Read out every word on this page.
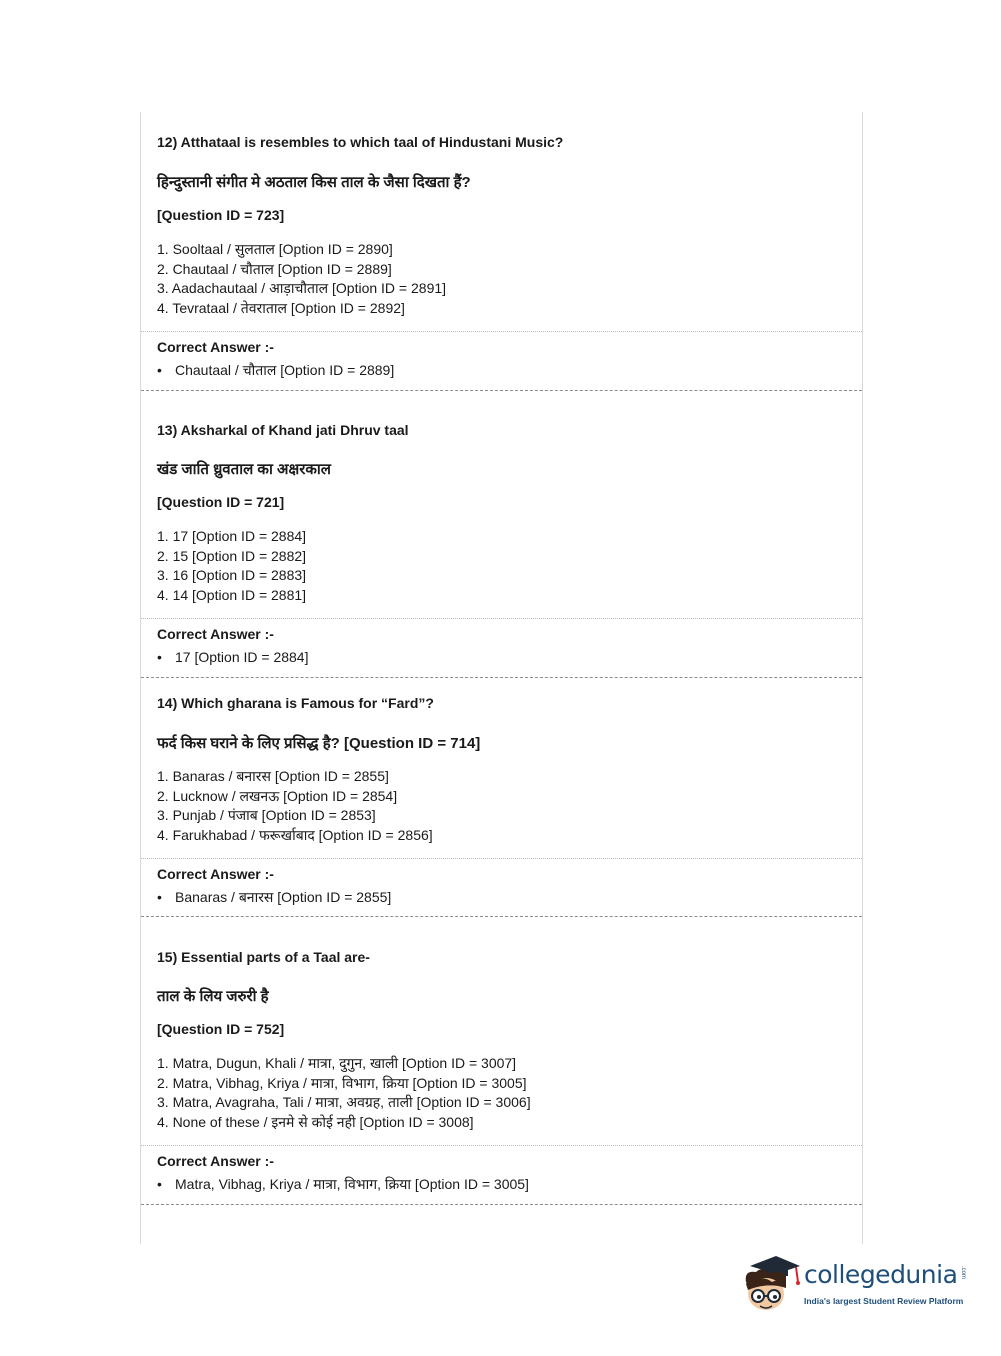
12) Atthataal is resembles to which taal of Hindustani Music?
हिन्दुस्तानी संगीत मे अठताल किस ताल के जैसा दिखता हैं?
[Question ID = 723]
1. Sooltaal / सुलताल [Option ID = 2890]
2. Chautaal / चौताल [Option ID = 2889]
3. Aadachautaal / आड़ाचौताल [Option ID = 2891]
4. Tevrataal / तेवराताल [Option ID = 2892]
Correct Answer :-
• Chautaal / चौताल [Option ID = 2889]
13) Aksharkal of Khand jati Dhruv taal
खंड जाति ध्रुवताल का अक्षरकाल
[Question ID = 721]
1. 17 [Option ID = 2884]
2. 15 [Option ID = 2882]
3. 16 [Option ID = 2883]
4. 14 [Option ID = 2881]
Correct Answer :-
• 17 [Option ID = 2884]
14) Which gharana is Famous for “Fard”?
फर्द किस घराने के लिए प्रसिद्ध है? [Question ID = 714]
1. Banaras / बनारस [Option ID = 2855]
2. Lucknow / लखनऊ [Option ID = 2854]
3. Punjab / पंजाब [Option ID = 2853]
4. Farukhabad / फरूर्खाबाद [Option ID = 2856]
Correct Answer :-
• Banaras / बनारस [Option ID = 2855]
15) Essential parts of a Taal are-
ताल के लिय जरुरी है
[Question ID = 752]
1. Matra, Dugun, Khali / मात्रा, दुगुन, खाली [Option ID = 3007]
2. Matra, Vibhag, Kriya / मात्रा, विभाग, क्रिया [Option ID = 3005]
3. Matra, Avagraha, Tali / मात्रा, अवग्रह, ताली [Option ID = 3006]
4. None of these / इनमे से कोई नही [Option ID = 3008]
Correct Answer :-
• Matra, Vibhag, Kriya / मात्रा, विभाग, क्रिया [Option ID = 3005]
collegedunia .com
India's largest Student Review Platform
